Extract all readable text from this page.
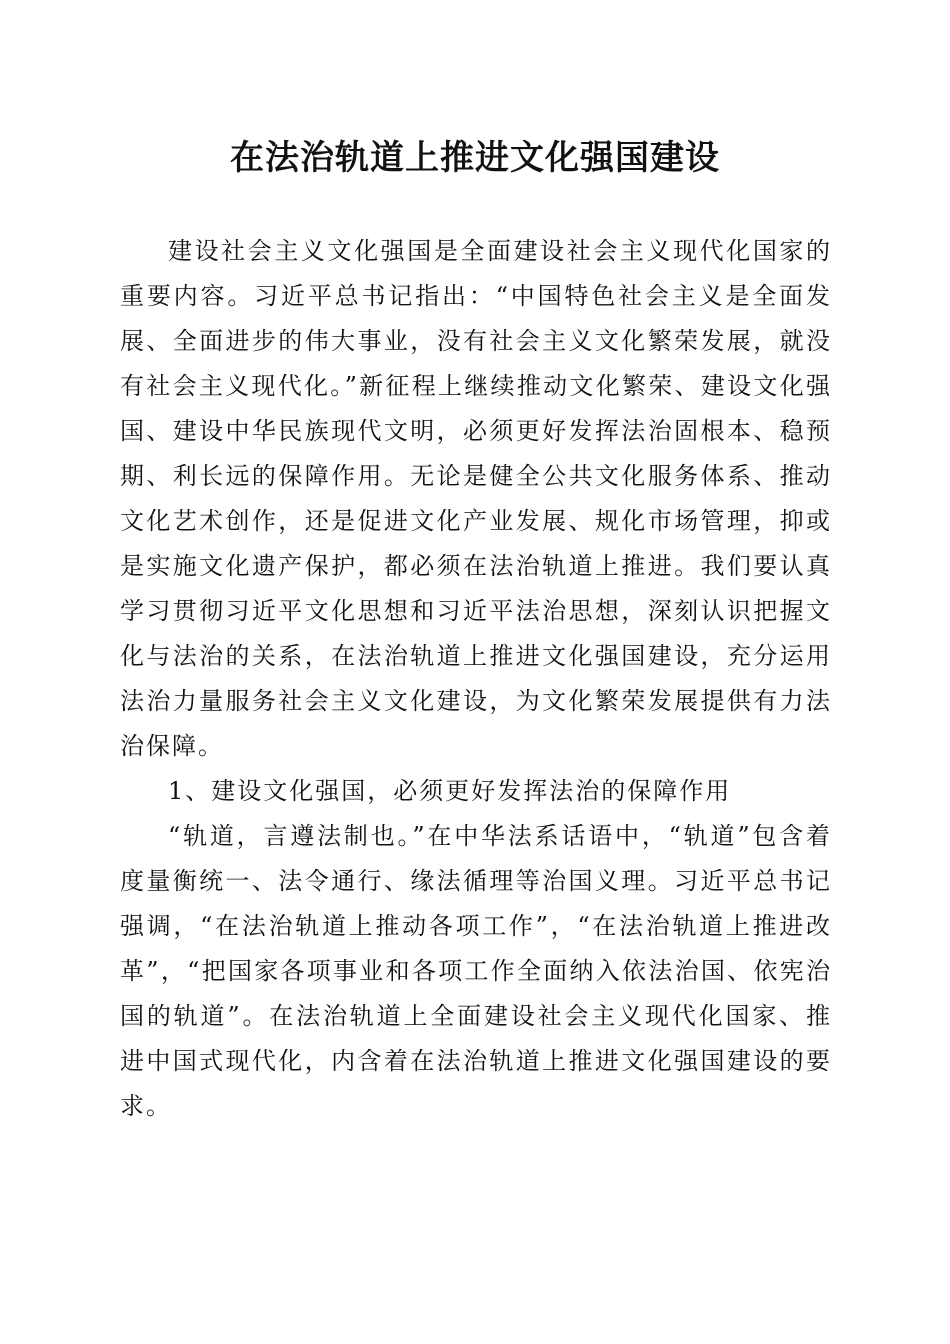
在法治轨道上推进文化强国建设

建设社会主义文化强国是全面建设社会主义现代化国家的重要内容。习近平总书记指出：“中国特色社会主义是全面发展、全面进步的伟大事业，没有社会主义文化繁荣发展，就没有社会主义现代化。”新征程上继续推动文化繁荣、建设文化强国、建设中华民族现代文明，必须更好发挥法治固根本、稳预期、利长远的保障作用。无论是健全公共文化服务体系、推动文化艺术创作，还是促进文化产业发展、规化市场管理，抑或是实施文化遗产保护，都必须在法治轨道上推进。我们要认真学习贯彻习近平文化思想和习近平法治思想，深刻认识把握文化与法治的关系，在法治轨道上推进文化强国建设，充分运用法治力量服务社会主义文化建设，为文化繁荣发展提供有力法治保障。

1、建设文化强国，必须更好发挥法治的保障作用

“轨道，言遵法制也。”在中华法系话语中，“轨道”包含着度量衡统一、法令通行、缘法循理等治国义理。习近平总书记强调，“在法治轨道上推动各项工作”，“在法治轨道上推进改革”，“把国家各项事业和各项工作全面纳入依法治国、依宪治国的轨道”。在法治轨道上全面建设社会主义现代化国家、推进中国式现代化，内含着在法治轨道上推进文化强国建设的要求。
